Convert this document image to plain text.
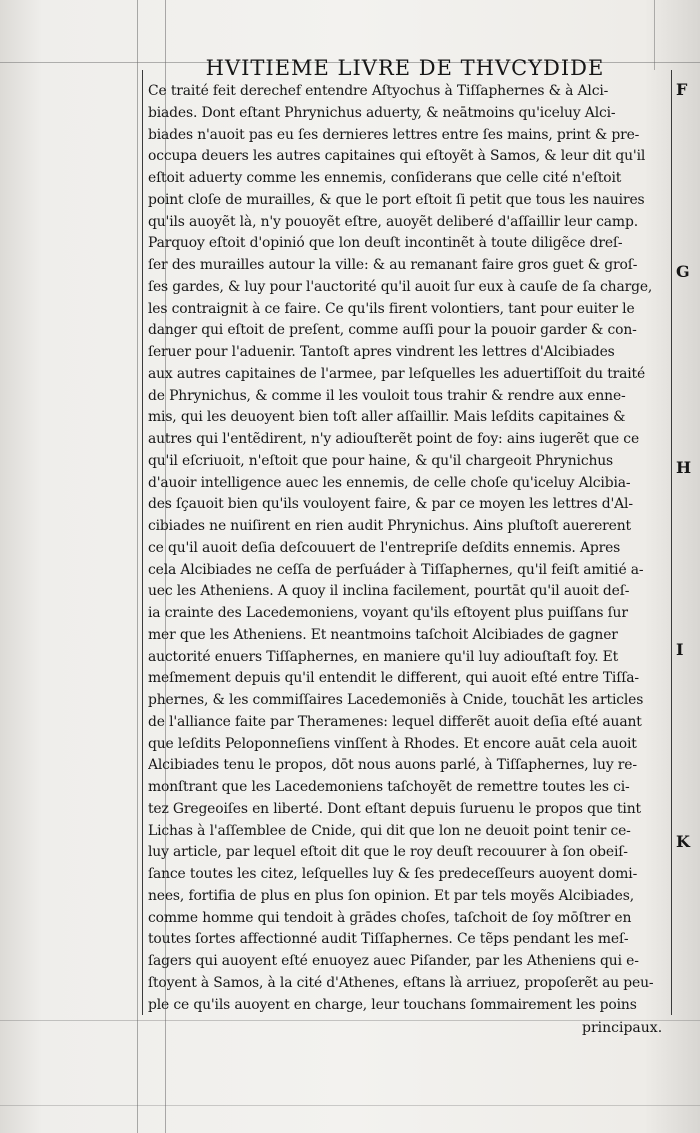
HVITIEME LIVRE DE THVCYDIDE

Ce traité feit derechef entendre Aſtyochus à Tiſſaphernes & à Alci-
biades. Dont eſtant Phrynichus aduerty, & neātmoins qu'iceluy Alci-
biades n'auoit pas eu ſes dernieres lettres entre ſes mains, print & pre-
occupa deuers les autres capitaines qui eſtoyẽt à Samos, & leur dit qu'il
eſtoit aduerty comme les ennemis, conſiderans que celle cité n'eſtoit
point cloſe de murailles, & que le port eſtoit ſi petit que tous les nauires
qu'ils auoyẽt là, n'y pouoyẽt eſtre, auoyẽt deliberé d'aſſaillir leur camp.
Parquoy eſtoit d'opinió que lon deuſt incontinẽt à toute diligẽce dreſ-
ſer des murailles autour la ville: & au remanant faire gros guet & groſ-
ſes gardes, & luy pour l'auctorité qu'il auoit ſur eux à cauſe de ſa charge,
les contraignit à ce faire. Ce qu'ils firent volontiers, tant pour euiter le
danger qui eſtoit de preſent, comme auſſi pour la pouoir garder & con-
ſeruer pour l'aduenir. Tantoſt apres vindrent les lettres d'Alcibiades
aux autres capitaines de l'armee, par leſquelles les aduertiſſoit du traité
de Phrynichus, & comme il les vouloit tous trahir & rendre aux enne-
mis, qui les deuoyent bien toſt aller aſſaillir. Mais leſdits capitaines &
autres qui l'entẽdirent, n'y adiouſterẽt point de foy: ains iugerẽt que ce
qu'il eſcriuoit, n'eſtoit que pour haine, & qu'il chargeoit Phrynichus
d'auoir intelligence auec les ennemis, de celle choſe qu'iceluy Alcibia-
des ſçauoit bien qu'ils vouloyent faire, & par ce moyen les lettres d'Al-
cibiades ne nuiſirent en rien audit Phrynichus. Ains pluſtoſt auererent
ce qu'il auoit deſia deſcouuert de l'entrepriſe deſdits ennemis. Apres
cela Alcibiades ne ceſſa de perſuáder à Tiſſaphernes, qu'il feiſt amitié a-
uec les Atheniens. A quoy il inclina facilement, pourtāt qu'il auoit deſ-
ia crainte des Lacedemoniens, voyant qu'ils eſtoyent plus puiſſans ſur
mer que les Atheniens. Et neantmoins taſchoit Alcibiades de gagner
auctorité enuers Tiſſaphernes, en maniere qu'il luy adiouſtaſt foy. Et
meſmement depuis qu'il entendit le different, qui auoit eſté entre Tiſſa-
phernes, & les commiſſaires Lacedemoniẽs à Cnide, touchāt les articles
de l'alliance faite par Theramenes: lequel differẽt auoit deſia eſté auant
que leſdits Peloponneſiens vinſſent à Rhodes. Et encore auāt cela auoit
Alcibiades tenu le propos, dōt nous auons parlé, à Tiſſaphernes, luy re-
monſtrant que les Lacedemoniens taſchoyẽt de remettre toutes les ci-
tez Gregeoiſes en liberté. Dont eſtant depuis ſuruenu le propos que tint
Lichas à l'aſſemblee de Cnide, qui dit que lon ne deuoit point tenir ce-
luy article, par lequel eſtoit dit que le roy deuſt recouurer à ſon obeiſ-
ſance toutes les citez, leſquelles luy & ſes predeceſſeurs auoyent domi-
nees, fortifia de plus en plus ſon opinion. Et par tels moyẽs Alcibiades,
comme homme qui tendoit à grādes choſes, taſchoit de ſoy mōſtrer en
toutes ſortes affectionné audit Tiſſaphernes. Ce tẽps pendant les meſ-
ſagers qui auoyent eſté enuoyez auec Piſander, par les Atheniens qui e-
ſtoyent à Samos, à la cité d'Athenes, eſtans là arriuez, propoſerẽt au peu-
ple ce qu'ils auoyent en charge, leur touchans ſommairement les poins

F
G
H
I
K
principaux.
